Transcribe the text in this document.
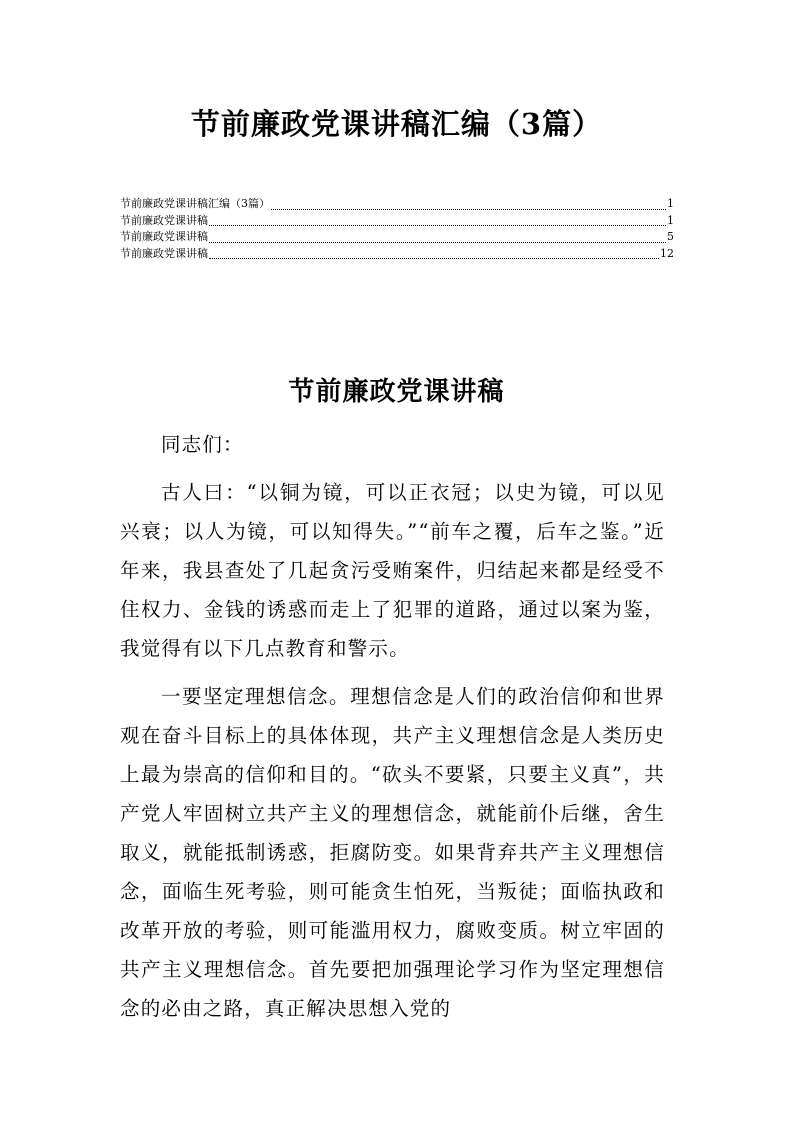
节前廉政党课讲稿汇编（3篇）
节前廉政党课讲稿汇编（3篇）	1
节前廉政党课讲稿	1
节前廉政党课讲稿	5
节前廉政党课讲稿	12
节前廉政党课讲稿

同志们：

古人曰：“以铜为镜，可以正衣冠；以史为镜，可以见兴衰；以人为镜，可以知得失。”“前车之覆，后车之鉴。”近年来，我县查处了几起贪污受贿案件，归结起来都是经受不住权力、金钱的诱惑而走上了犯罪的道路，通过以案为鉴，我觉得有以下几点教育和警示。

一要坚定理想信念。理想信念是人们的政治信仰和世界观在奋斗目标上的具体体现，共产主义理想信念是人类历史上最为崇高的信仰和目的。“砍头不要紧，只要主义真”，共产党人牢固树立共产主义的理想信念，就能前仆后继，舍生取义，就能抵制诱惑，拒腐防变。如果背弃共产主义理想信念，面临生死考验，则可能贪生怕死，当叛徒；面临执政和改革开放的考验，则可能滥用权力，腐败变质。树立牢固的共产主义理想信念。首先要把加强理论学习作为坚定理想信念的必由之路，真正解决思想入党的
